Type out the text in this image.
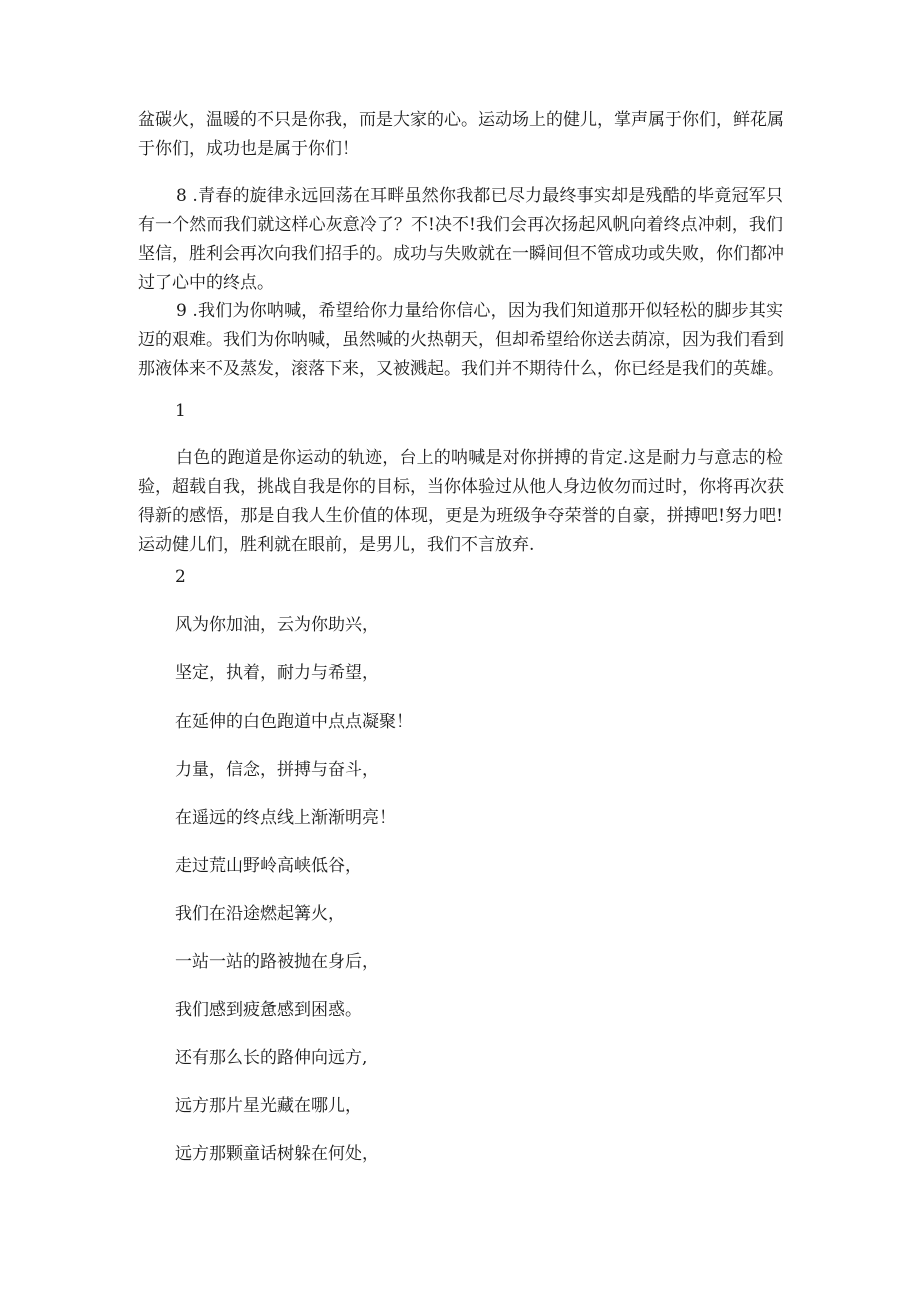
盆碳火，温暖的不只是你我，而是大家的心。运动场上的健儿，掌声属于你们，鲜花属
于你们，成功也是属于你们！

8 .青春的旋律永远回荡在耳畔虽然你我都已尽力最终事实却是残酷的毕竟冠军只
有一个然而我们就这样心灰意冷了？不!决不!我们会再次扬起风帆向着终点冲刺，我们
坚信，胜利会再次向我们招手的。成功与失败就在一瞬间但不管成功或失败，你们都冲
过了心中的终点。

9 .我们为你呐喊，希望给你力量给你信心，因为我们知道那开似轻松的脚步其实
迈的艰难。我们为你呐喊，虽然喊的火热朝天，但却希望给你送去荫凉，因为我们看到
那液体来不及蒸发，滚落下来，又被溅起。我们并不期待什么，你已经是我们的英雄。

1

白色的跑道是你运动的轨迹，台上的呐喊是对你拼搏的肯定.这是耐力与意志的检
验，超载自我，挑战自我是你的目标，当你体验过从他人身边攸勿而过时，你将再次获
得新的感悟，那是自我人生价值的体现，更是为班级争夺荣誉的自豪，拼搏吧!努力吧!
运动健儿们，胜利就在眼前，是男儿，我们不言放弃.

2

风为你加油，云为你助兴，

坚定，执着，耐力与希望，

在延伸的白色跑道中点点凝聚！

力量，信念，拼搏与奋斗，

在遥远的终点线上渐渐明亮！

走过荒山野岭高峡低谷，

我们在沿途燃起篝火，

一站一站的路被抛在身后，

我们感到疲惫感到困惑。

还有那么长的路伸向远方,

远方那片星光藏在哪儿，

远方那颗童话树躲在何处，
